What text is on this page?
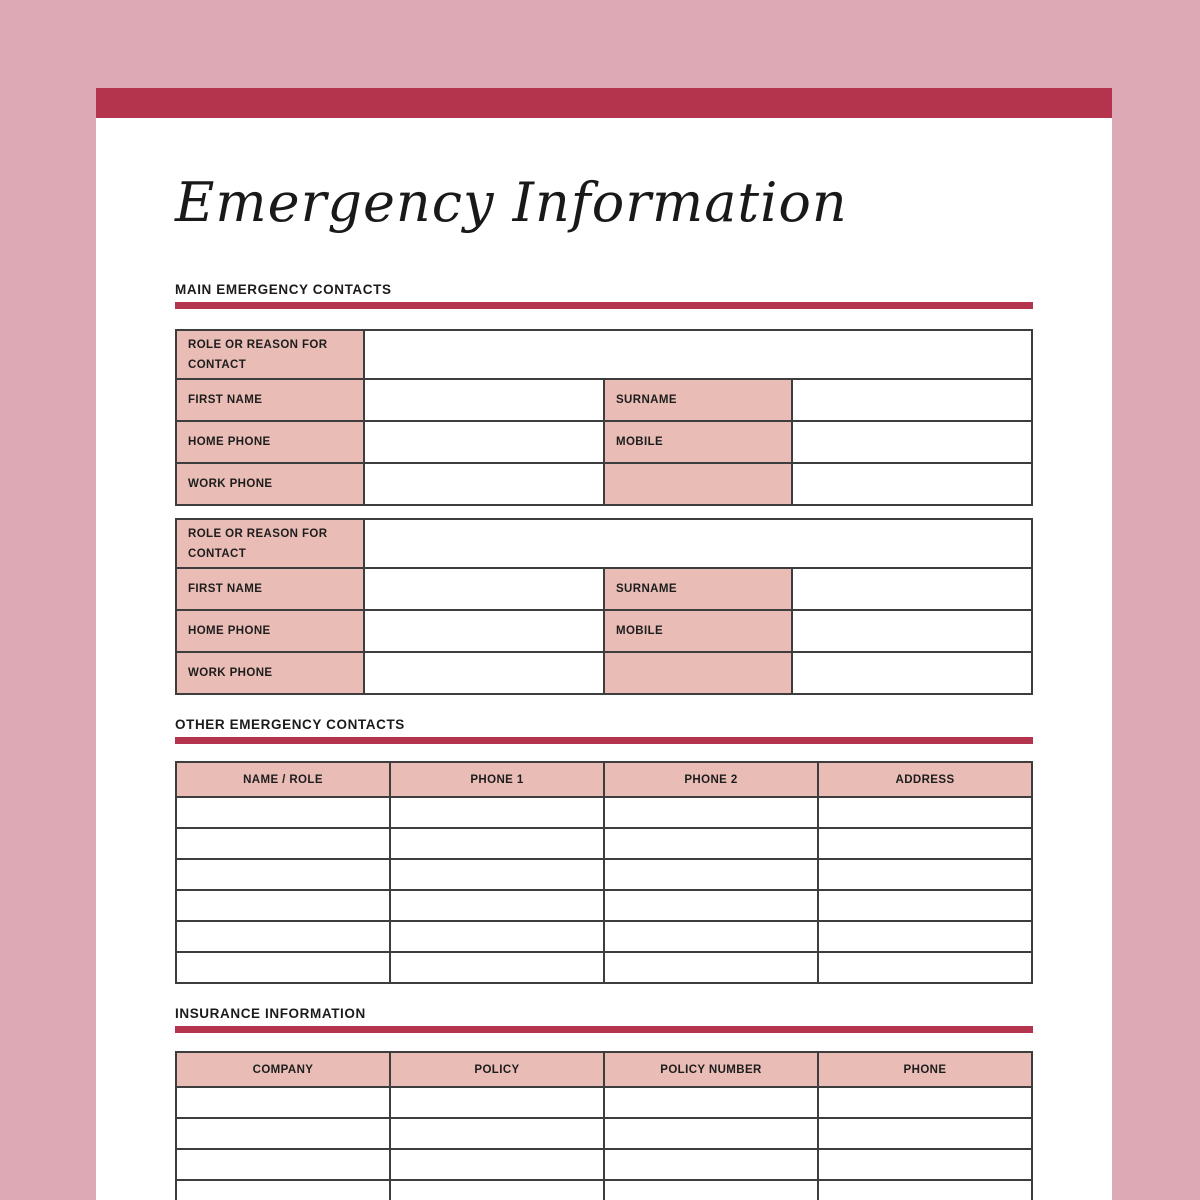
Emergency Information
MAIN EMERGENCY CONTACTS
ROLE OR REASON FOR CONTACT			
FIRST NAME		SURNAME	
HOME PHONE		MOBILE	
WORK PHONE			
ROLE OR REASON FOR CONTACT			
FIRST NAME		SURNAME	
HOME PHONE		MOBILE	
WORK PHONE			
OTHER EMERGENCY CONTACTS
NAME / ROLE	PHONE 1	PHONE 2	ADDRESS

INSURANCE INFORMATION
COMPANY	POLICY	POLICY NUMBER	PHONE
